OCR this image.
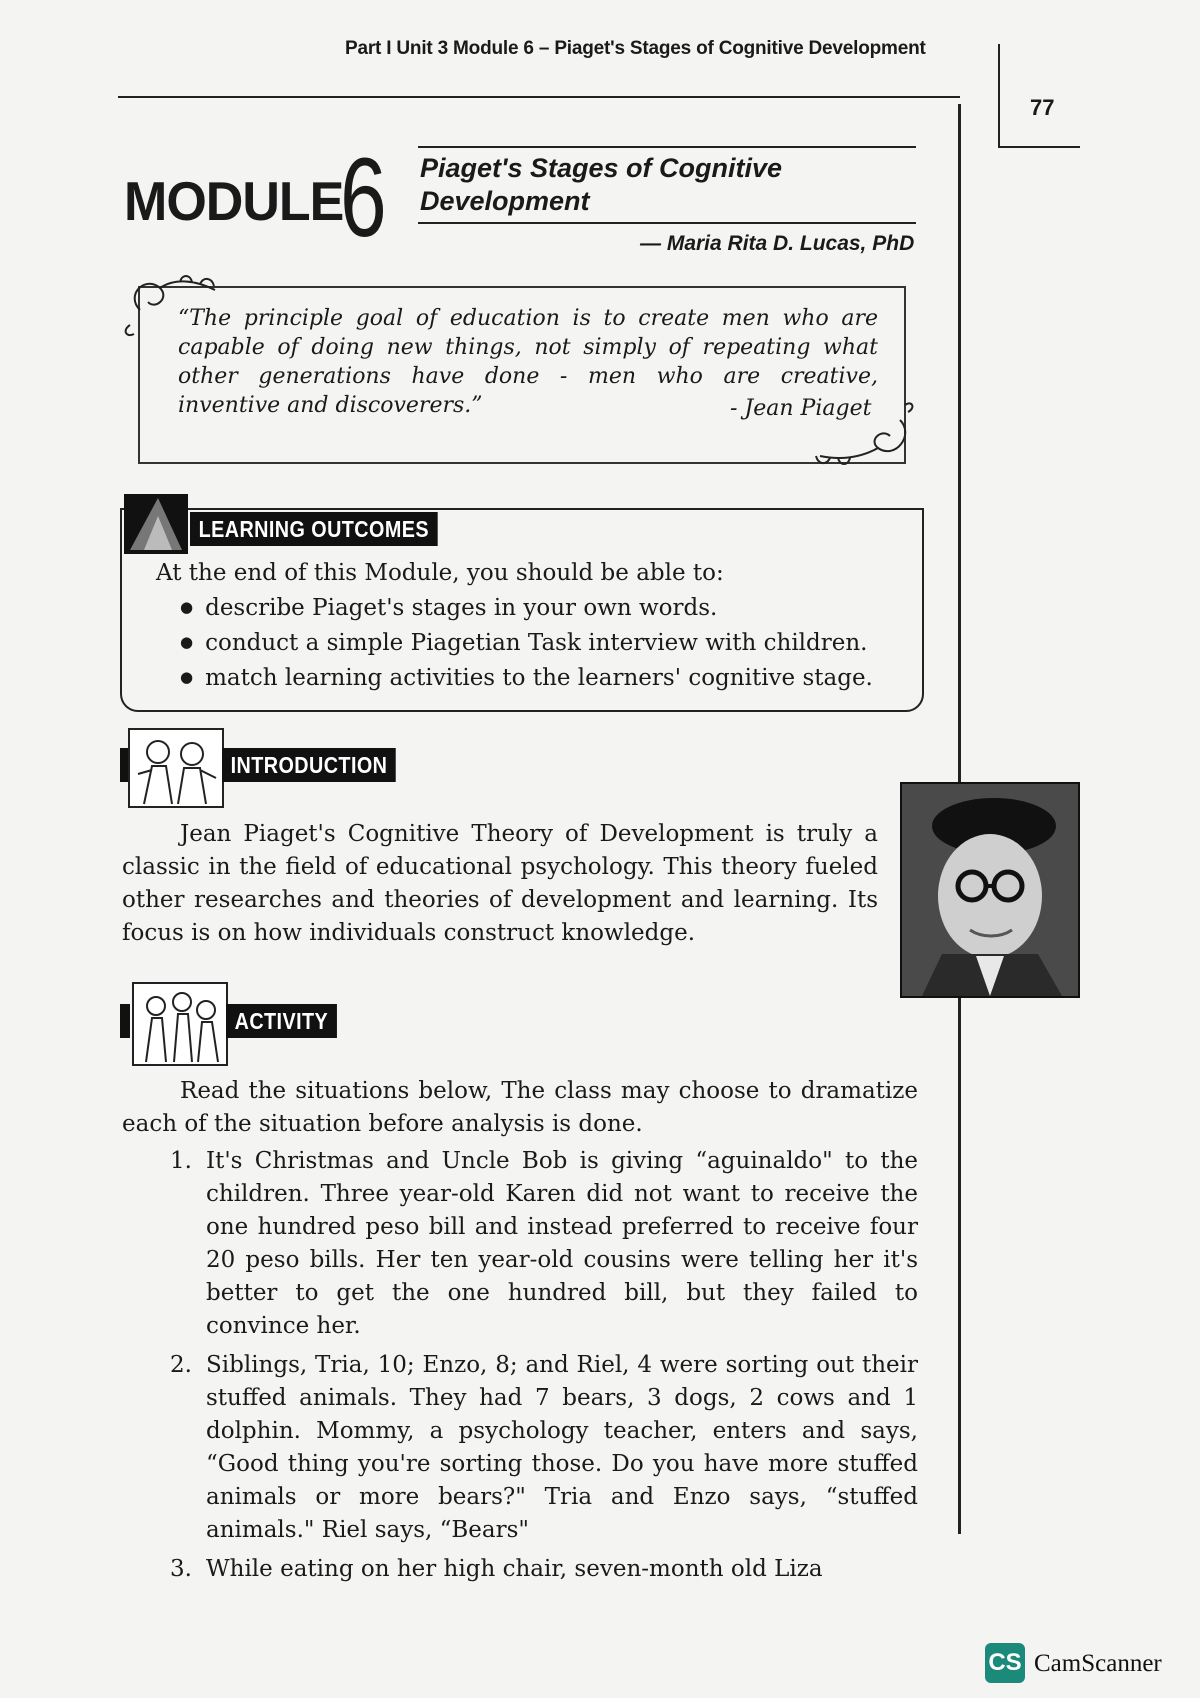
Part I Unit 3 Module 6 – Piaget's Stages of Cognitive Development
77
MODULE
6 Piaget's Stages of Cognitive Development
— Maria Rita D. Lucas, PhD
“The principle goal of education is to create men who are capable of doing new things, not simply of repeating what other generations have done - men who are creative, inventive and discoverers.”	- Jean Piaget
LEARNING OUTCOMES
At the end of this Module, you should be able to:
● describe Piaget's stages in your own words.
● conduct a simple Piagetian Task interview with children.
● match learning activities to the learners' cognitive stage.
INTRODUCTION
Jean Piaget's Cognitive Theory of Development is truly a classic in the field of educational psychology. This theory fueled other researches and theories of development and learning. Its focus is on how individuals construct knowledge.
ACTIVITY
Read the situations below, The class may choose to dramatize each of the situation before analysis is done.
1. It's Christmas and Uncle Bob is giving “aguinaldo" to the children. Three year-old Karen did not want to receive the one hundred peso bill and instead preferred to receive four 20 peso bills. Her ten year-old cousins were telling her it's better to get the one hundred bill, but they failed to convince her.
2. Siblings, Tria, 10; Enzo, 8; and Riel, 4 were sorting out their stuffed animals. They had 7 bears, 3 dogs, 2 cows and 1 dolphin. Mommy, a psychology teacher, enters and says, “Good thing you're sorting those. Do you have more stuffed animals or more bears?" Tria and Enzo says, “stuffed animals." Riel says, “Bears"
3. While eating on her high chair, seven-month old Liza
CS CamScanner
